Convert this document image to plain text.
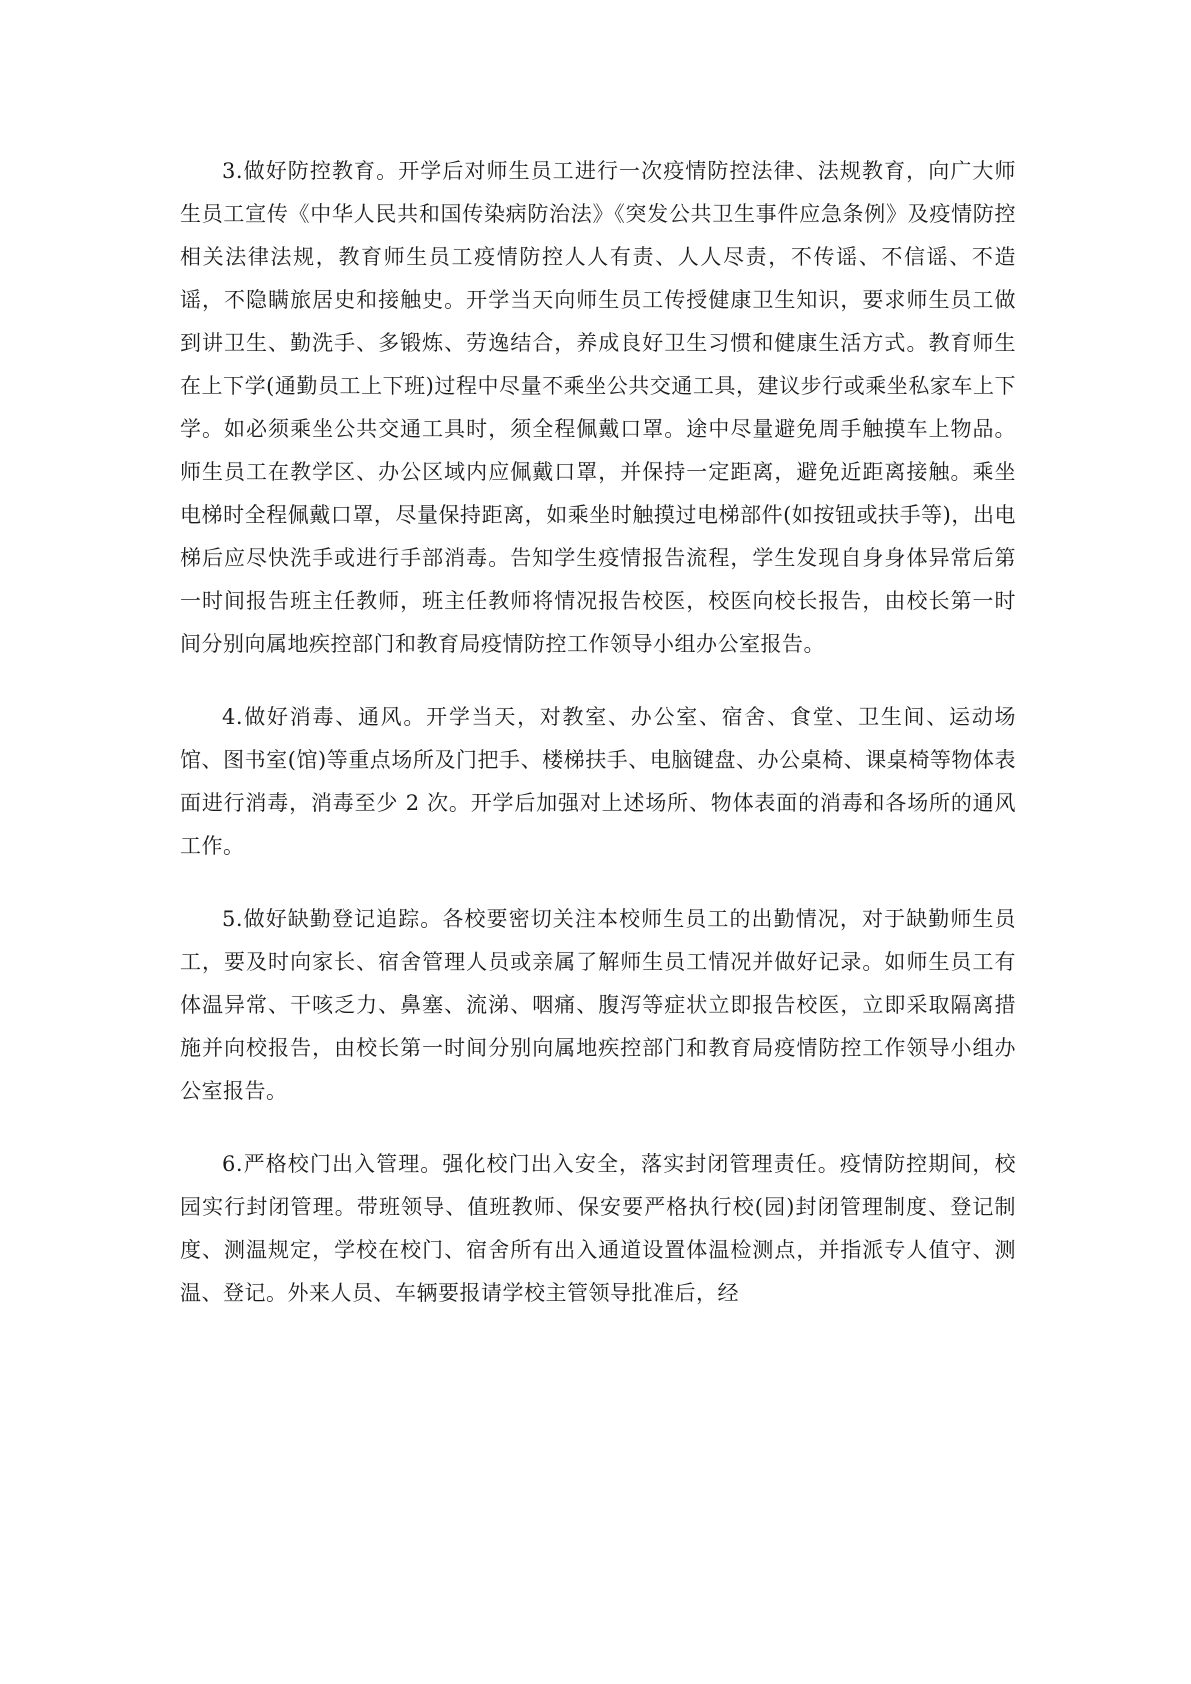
3.做好防控教育。开学后对师生员工进行一次疫情防控法律、法规教育，向广大师生员工宣传《中华人民共和国传染病防治法》《突发公共卫生事件应急条例》及疫情防控相关法律法规，教育师生员工疫情防控人人有责、人人尽责，不传谣、不信谣、不造谣，不隐瞒旅居史和接触史。开学当天向师生员工传授健康卫生知识，要求师生员工做到讲卫生、勤洗手、多锻炼、劳逸结合，养成良好卫生习惯和健康生活方式。教育师生在上下学(通勤员工上下班)过程中尽量不乘坐公共交通工具，建议步行或乘坐私家车上下学。如必须乘坐公共交通工具时，须全程佩戴口罩。途中尽量避免周手触摸车上物品。师生员工在教学区、办公区域内应佩戴口罩，并保持一定距离，避免近距离接触。乘坐电梯时全程佩戴口罩，尽量保持距离，如乘坐时触摸过电梯部件(如按钮或扶手等)，出电梯后应尽快洗手或进行手部消毒。告知学生疫情报告流程，学生发现自身身体异常后第一时间报告班主任教师，班主任教师将情况报告校医，校医向校长报告，由校长第一时间分别向属地疾控部门和教育局疫情防控工作领导小组办公室报告。

4.做好消毒、通风。开学当天，对教室、办公室、宿舍、食堂、卫生间、运动场馆、图书室(馆)等重点场所及门把手、楼梯扶手、电脑键盘、办公桌椅、课桌椅等物体表面进行消毒，消毒至少 2 次。开学后加强对上述场所、物体表面的消毒和各场所的通风工作。

5.做好缺勤登记追踪。各校要密切关注本校师生员工的出勤情况，对于缺勤师生员工，要及时向家长、宿舍管理人员或亲属了解师生员工情况并做好记录。如师生员工有体温异常、干咳乏力、鼻塞、流涕、咽痛、腹泻等症状立即报告校医，立即采取隔离措施并向校报告，由校长第一时间分别向属地疾控部门和教育局疫情防控工作领导小组办公室报告。

6.严格校门出入管理。强化校门出入安全，落实封闭管理责任。疫情防控期间，校园实行封闭管理。带班领导、值班教师、保安要严格执行校(园)封闭管理制度、登记制度、测温规定，学校在校门、宿舍所有出入通道设置体温检测点，并指派专人值守、测温、登记。外来人员、车辆要报请学校主管领导批准后，经
